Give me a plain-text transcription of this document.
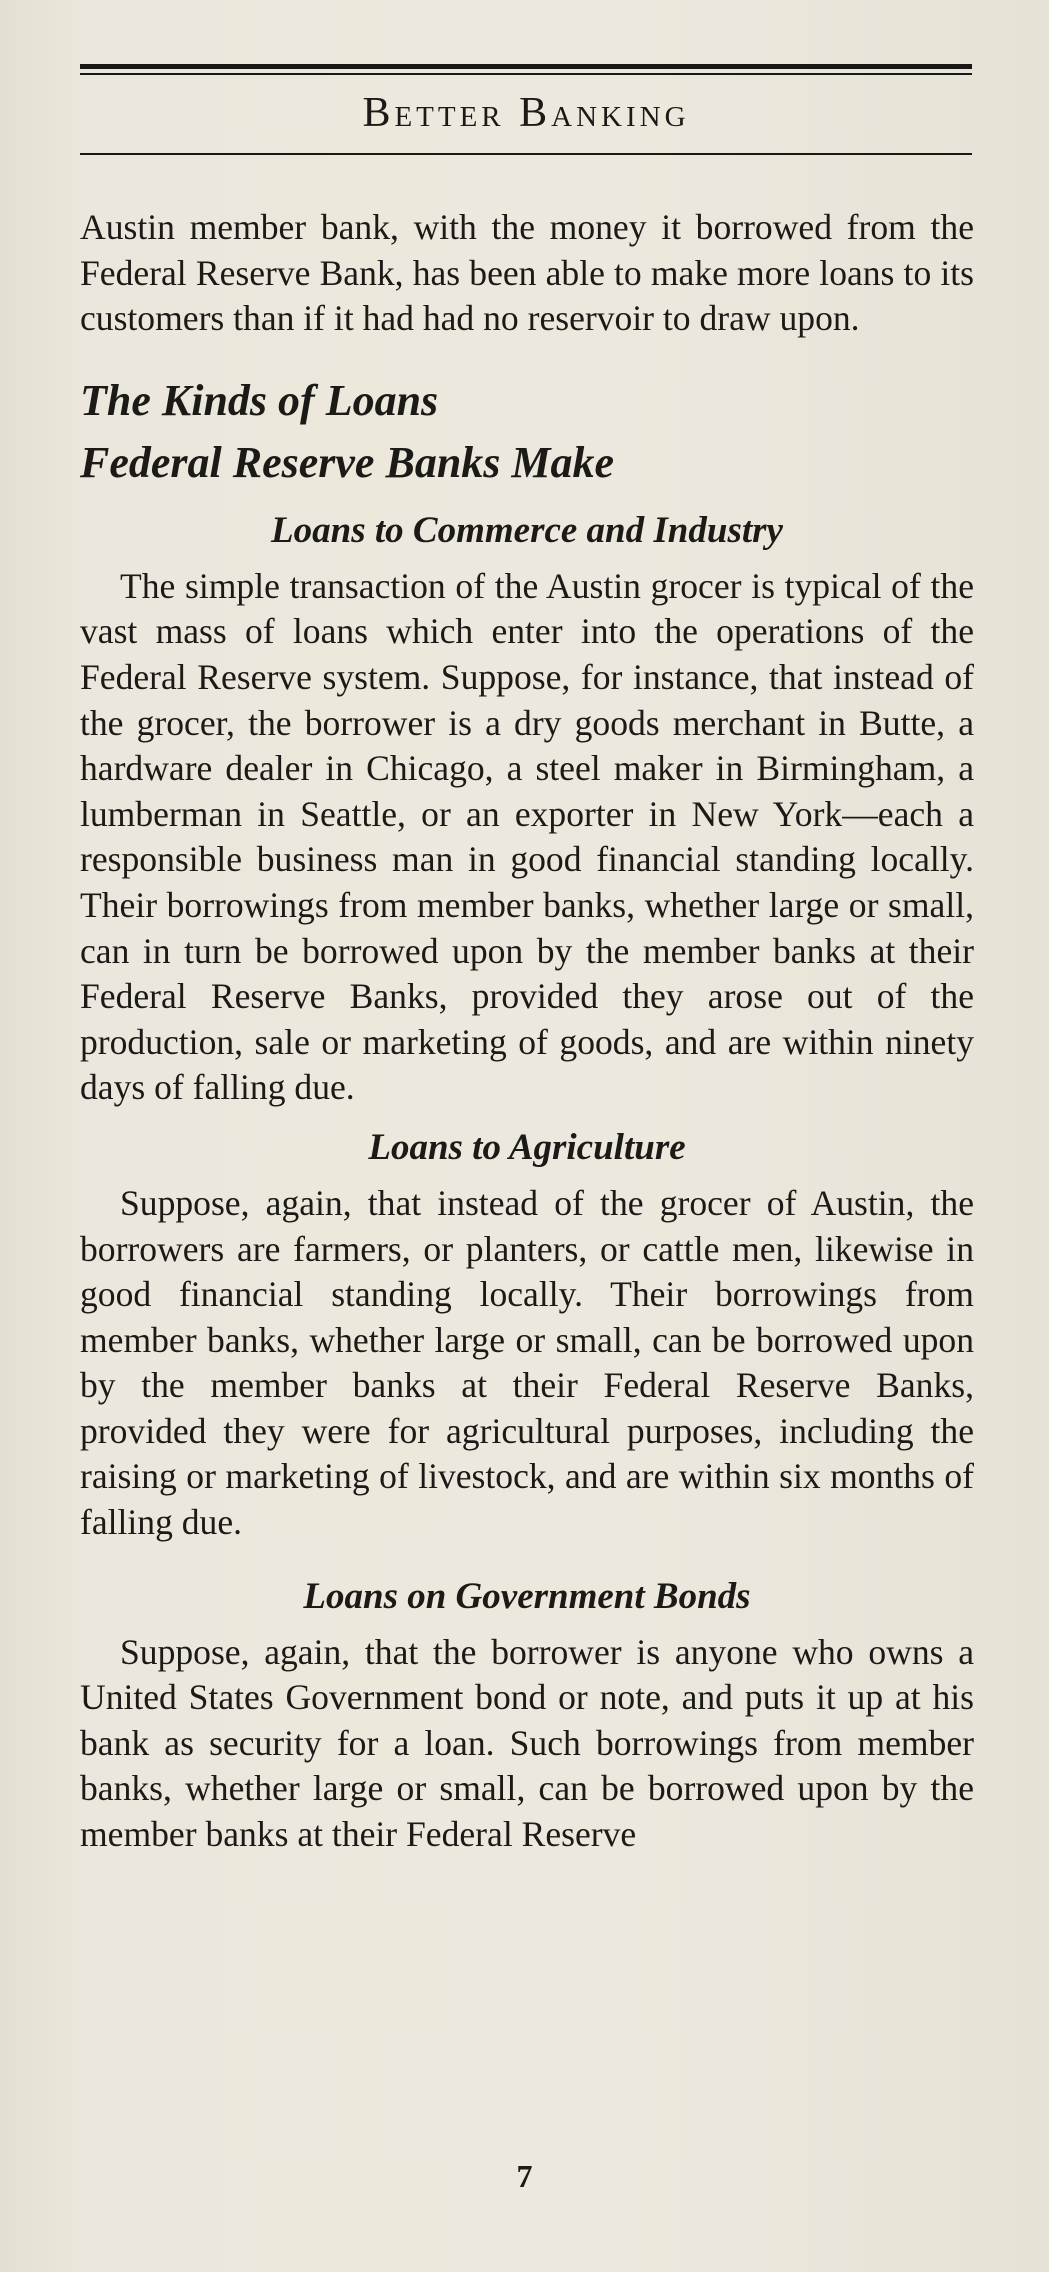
Better Banking

Austin member bank, with the money it borrowed from the Federal Reserve Bank, has been able to make more loans to its customers than if it had had no reservoir to draw upon.

The Kinds of Loans
Federal Reserve Banks Make
Loans to Commerce and Industry

The simple transaction of the Austin grocer is typical of the vast mass of loans which enter into the operations of the Federal Reserve system. Suppose, for instance, that instead of the grocer, the borrower is a dry goods merchant in Butte, a hardware dealer in Chicago, a steel maker in Birmingham, a lumberman in Seattle, or an exporter in New York—each a responsible business man in good financial standing locally. Their borrowings from member banks, whether large or small, can in turn be borrowed upon by the member banks at their Federal Reserve Banks, provided they arose out of the production, sale or marketing of goods, and are within ninety days of falling due.

Loans to Agriculture

Suppose, again, that instead of the grocer of Austin, the borrowers are farmers, or planters, or cattle men, likewise in good financial standing locally. Their borrowings from member banks, whether large or small, can be borrowed upon by the member banks at their Federal Reserve Banks, provided they were for agricultural purposes, including the raising or marketing of livestock, and are within six months of falling due.

Loans on Government Bonds

Suppose, again, that the borrower is anyone who owns a United States Government bond or note, and puts it up at his bank as security for a loan. Such borrowings from member banks, whether large or small, can be borrowed upon by the member banks at their Federal Reserve

7
